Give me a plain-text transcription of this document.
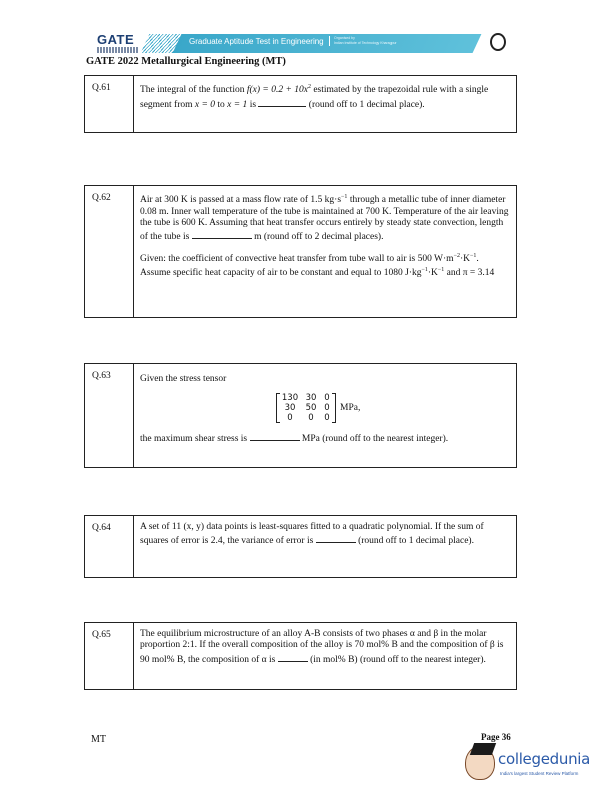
GATE	Graduate Aptitude Test in Engineering	Organised by
Indian Institute of Technology Kharagpur
GATE 2022 Metallurgical Engineering (MT)
Q.61	The integral of the function $f(x) = 0.2 + 10x^2$ estimated by the trapezoidal rule with a single segment from x = 0 to x = 1 is	(round off to 1 decimal place).
Q.62	Air at 300 K is passed at a mass flow rate of 1.5 $kg\cdot s^{-1}$ through a metallic tube of inner diameter 0.08 m. Inner wall temperature of the tube is maintained at 700 K. Temperature of the air leaving the tube is 600 K. Assuming that heat transfer occurs entirely by steady state convection, length of the tube is	m (round off to 2 decimal places).

Given: the coefficient of convective heat transfer from tube wall to air is 500 $W\cdot m^{-2}\cdot K^{-1}$. Assume specific heat capacity of air to be constant and equal to 1080 $J\cdot kg^{-1}\cdot K^{-1}$ and π = 3.14

Q.63	Given the stress tensor
130 30 0
30	50 0
0	0	0
MPa,
the maximum shear stress is	MPa (round off to the nearest integer).
Q.64	A set of 11 (x, y) data points is least-squares fitted to a quadratic polynomial. If the sum of squares of error is 2.4, the variance of error is	(round off to 1 decimal place).
Q.65	The equilibrium microstructure of an alloy A-B consists of two phases α and β in the molar proportion 2:1. If the overall composition of the alloy is 70 mol% B and the composition of β is 90 mol% B, the composition of α is	(in mol% B) (round off to the nearest integer).
MT	Page 36
collegedunia
India's largest Student Review Platform
